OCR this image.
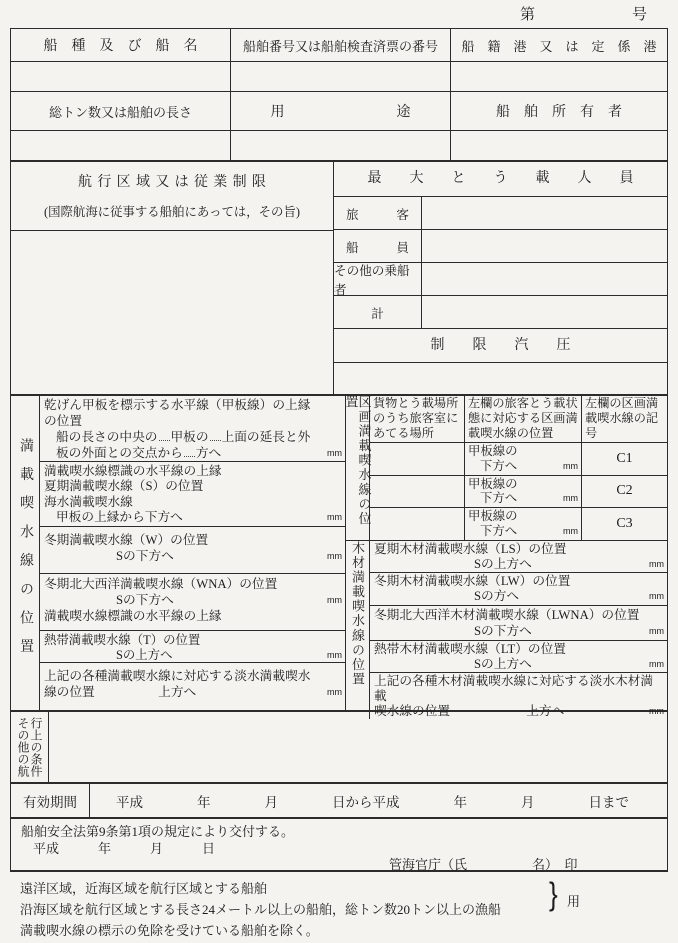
第　　　　　　号
船　種　及　び　船　名	船舶番号又は船舶検査済票の番号	船　籍　港　又　は　定　係　港
総トン数又は船舶の長さ	用　　　　　　　　途	船　舶　所　有　者
航行区域又は従業制限
(国際航海に従事する船舶にあっては，その旨)
最大とう載人員
旅　　　客
船　　　員
その他の乗船者
計
制　　限　　汽　　圧
満載喫水線の位置
乾げん甲板を標示する水平線（甲板線）の上縁
の位置
船の長さの中央の 甲板の 上面の延長と外
板の外面との交点から 方へ	mm
満載喫水線標識の水平線の上縁
夏期満載喫水線（S）の位置
海水満載喫水線
甲板の上縁から下方へ	mm
冬期満載喫水線（W）の位置
Sの下方へ	mm
冬期北大西洋満載喫水線（WNA）の位置
Sの下方へ	mm
満載喫水線標識の水平線の上縁
熱帯満載喫水線（T）の位置
Sの上方へ	mm
上記の各種満載喫水線に対応する淡水満載喫水
線の位置　　　　　上方へ	mm
区画満載喫水線の位置	貨物とう載場所のうち旅客室にあてる場所
左欄の旅客とう載状態に対応する区画満載喫水線の位置
左欄の区画満載喫水線の記号
甲板線の
下方へ	mm	C 1
甲板線の
下方へ	mm	C 2
甲板線の
下方へ	mm	C 3
木材満載喫水線の位置 夏期木材満載喫水線（LS）の位置
Sの上方へ	mm
冬期木材満載喫水線（LW）の位置
Sの方へ	mm
冬期北大西洋木材満載喫水線（LWNA）の位置
Sの下方へ	mm
熱帯木材満載喫水線（LT）の位置
Sの上方へ	mm
上記の各種木材満載喫水線に対応する淡水木材満載
喫水線の位置　　　　　　上方へ	mm
その他の航 行上の条件
有効期間	平成　　　　年　　　　月　　　　日から平成　　　　年　　　　月　　　　日まで
船舶安全法第9条第1項の規定により交付する。
平成　　　年　　　月　　　日
管海官庁（氏　　　　　名）　印
遠洋区域，近海区域を航行区域とする船舶
沿海区域を航行区域とする長さ24メートル以上の船舶，総トン数20トン以上の漁船 } 用
満載喫水線の標示の免除を受けている船舶を除く。
